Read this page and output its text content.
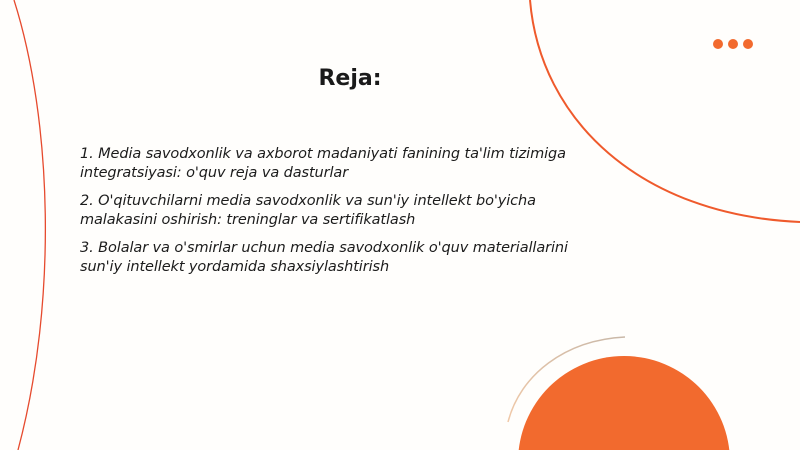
Reja:
1. Media savodxonlik va axborot madaniyati fanining ta'lim tizimiga integratsiyasi: o'quv reja va dasturlar
2. O'qituvchilarni media savodxonlik va sun'iy intellekt bo'yicha malakasini oshirish: treninglar va sertifikatlash
3. Bolalar va o'smirlar uchun media savodxonlik o'quv materiallarini sun'iy intellekt yordamida shaxsiylashtirish
